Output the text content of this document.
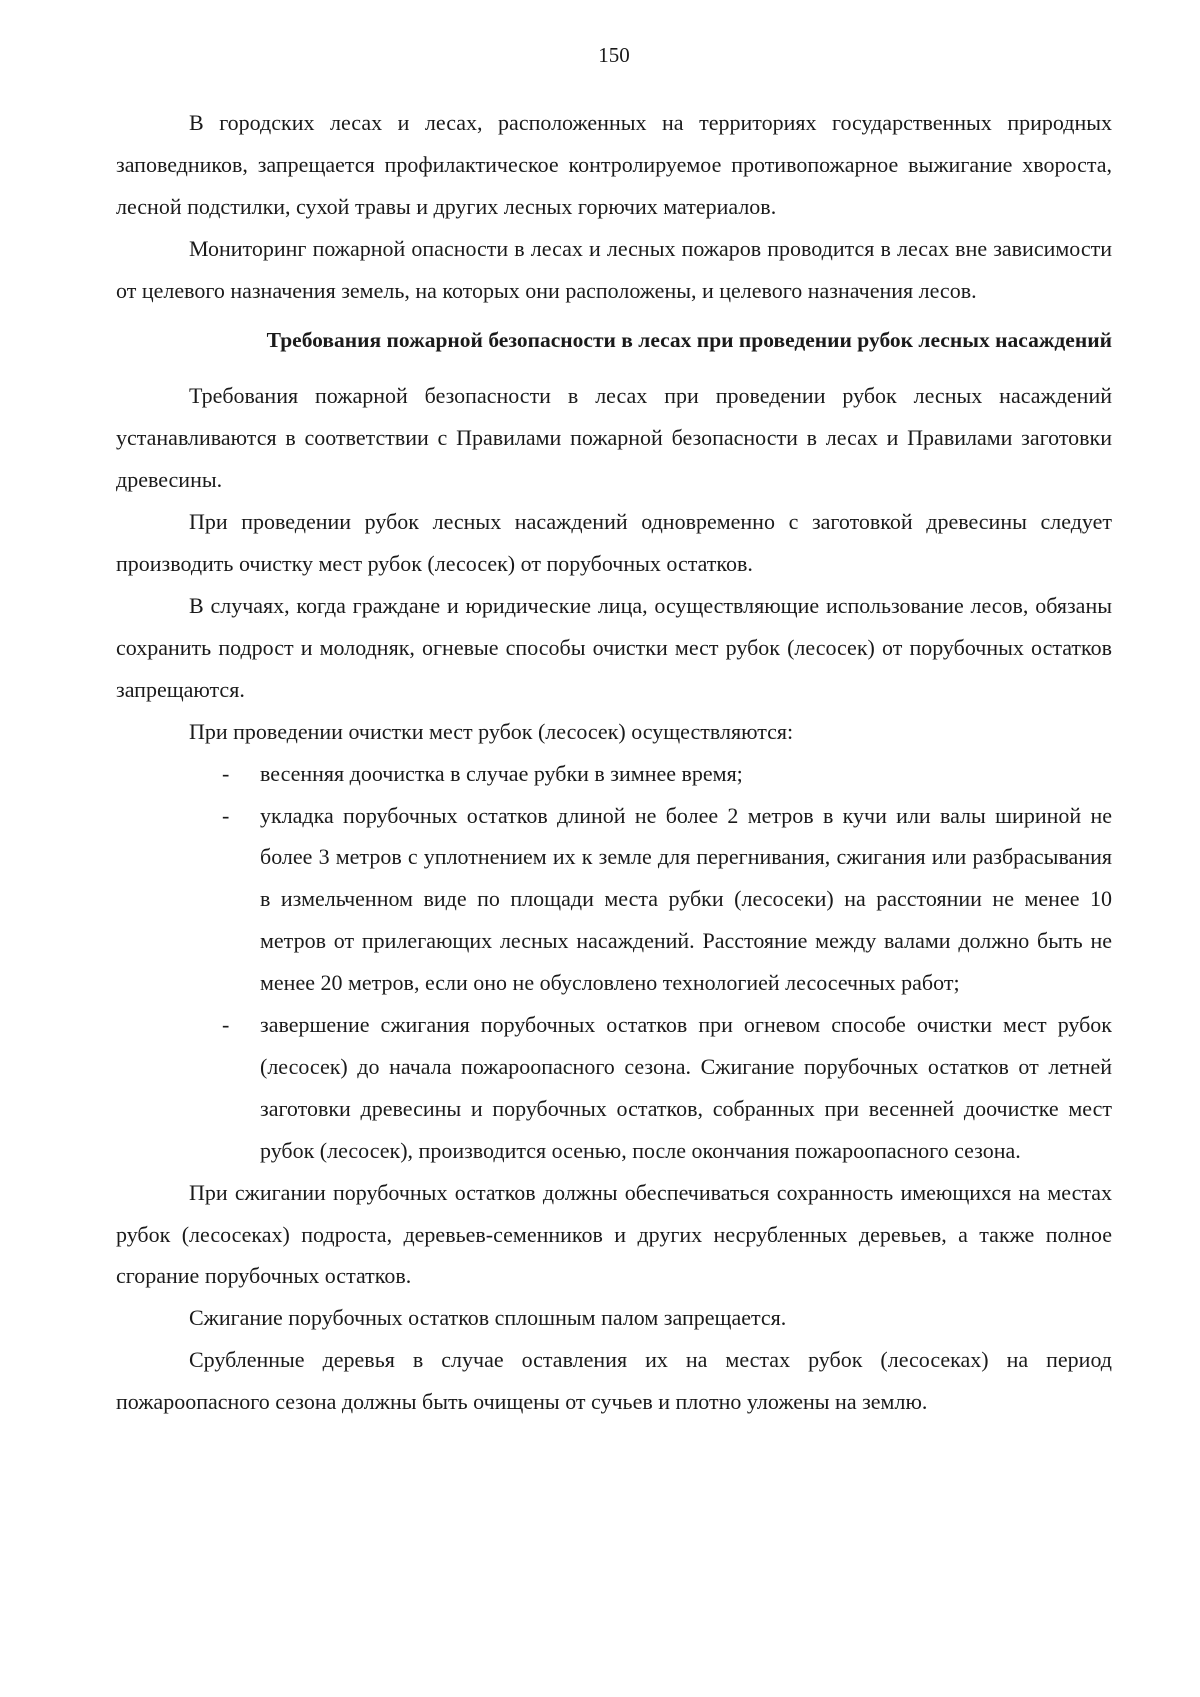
150

В городских лесах и лесах, расположенных на территориях государственных природных заповедников, запрещается профилактическое контролируемое противопожарное выжигание хвороста, лесной подстилки, сухой травы и других лесных горючих материалов.

Мониторинг пожарной опасности в лесах и лесных пожаров проводится в лесах вне зависимости от целевого назначения земель, на которых они расположены, и целевого назначения лесов.

Требования пожарной безопасности в лесах при проведении рубок лесных насаждений

Требования пожарной безопасности в лесах при проведении рубок лесных насаждений устанавливаются в соответствии с Правилами пожарной безопасности в лесах и Правилами заготовки древесины.

При проведении рубок лесных насаждений одновременно с заготовкой древесины следует производить очистку мест рубок (лесосек) от порубочных остатков.

В случаях, когда граждане и юридические лица, осуществляющие использование лесов, обязаны сохранить подрост и молодняк, огневые способы очистки мест рубок (лесосек) от порубочных остатков запрещаются.

При проведении очистки мест рубок (лесосек) осуществляются:

- весенняя доочистка в случае рубки в зимнее время;
- укладка порубочных остатков длиной не более 2 метров в кучи или валы шириной не более 3 метров с уплотнением их к земле для перегнивания, сжигания или разбрасывания в измельченном виде по площади места рубки (лесосеки) на расстоянии не менее 10 метров от прилегающих лесных насаждений. Расстояние между валами должно быть не менее 20 метров, если оно не обусловлено технологией лесосечных работ;
- завершение сжигания порубочных остатков при огневом способе очистки мест рубок (лесосек) до начала пожароопасного сезона. Сжигание порубочных остатков от летней заготовки древесины и порубочных остатков, собранных при весенней доочистке мест рубок (лесосек), производится осенью, после окончания пожароопасного сезона.

При сжигании порубочных остатков должны обеспечиваться сохранность имеющихся на местах рубок (лесосеках) подроста, деревьев-семенников и других несрубленных деревьев, а также полное сгорание порубочных остатков.

Сжигание порубочных остатков сплошным палом запрещается.

Срубленные деревья в случае оставления их на местах рубок (лесосеках) на период пожароопасного сезона должны быть очищены от сучьев и плотно уложены на землю.
